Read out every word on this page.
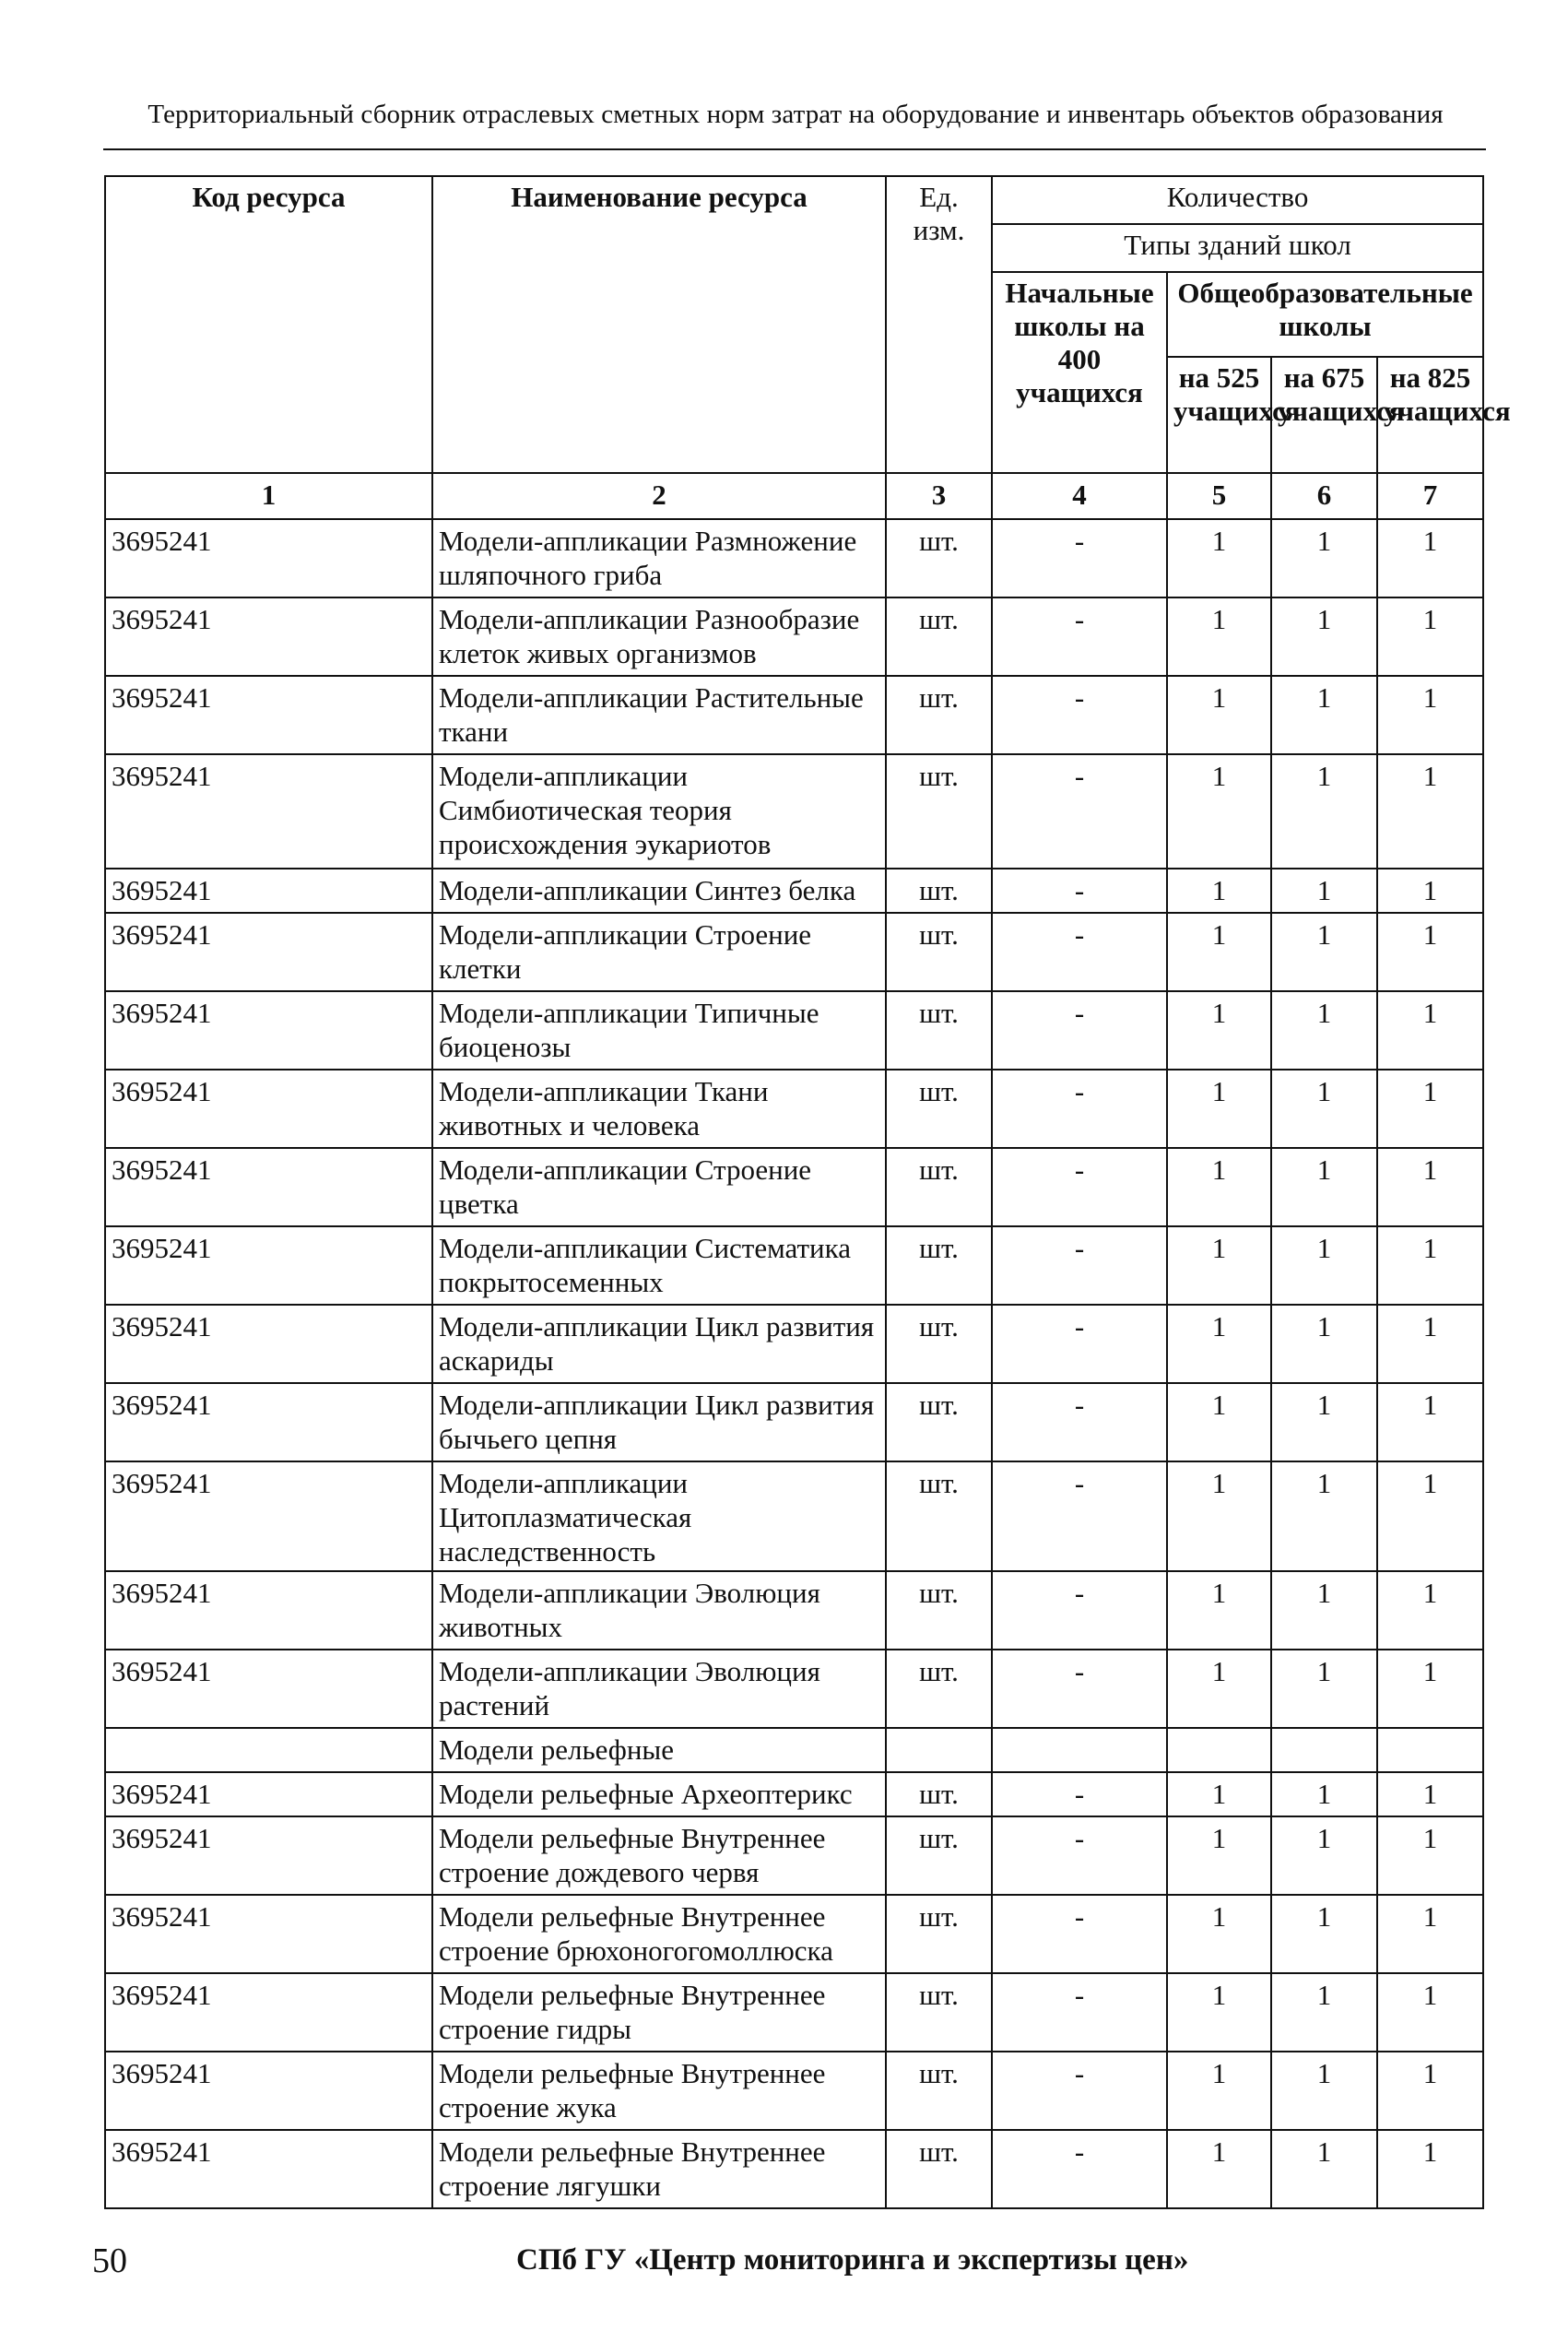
Территориальный сборник отраслевых сметных норм затрат на оборудование и инвентарь объектов образования
Код ресурса	Наименование ресурса	Ед. изм.	Количество			
			Типы зданий школ			
			Начальные школы на 400 учащихся	Общеобразовательные школы		
				на 525 учащихся	на 675 учащихся	на 825 учащихся
1	2	3	4	5	6	7
3695241	Модели-аппликации Размножение шляпочного гриба	шт.	-	1	1	1
3695241	Модели-аппликации Разнообразие клеток живых организмов	шт.	-	1	1	1
3695241	Модели-аппликации Растительные ткани	шт.	-	1	1	1
3695241	Модели-аппликации Симбиотическая теория происхождения эукариотов	шт.	-	1	1	1
3695241	Модели-аппликации Синтез белка	шт.	-	1	1	1
3695241	Модели-аппликации Строение клетки	шт.	-	1	1	1
3695241	Модели-аппликации Типичные биоценозы	шт.	-	1	1	1
3695241	Модели-аппликации Ткани животных и человека	шт.	-	1	1	1
3695241	Модели-аппликации Строение цветка	шт.	-	1	1	1
3695241	Модели-аппликации Систематика покрытосеменных	шт.	-	1	1	1
3695241	Модели-аппликации Цикл развития аскариды	шт.	-	1	1	1
3695241	Модели-аппликации Цикл развития бычьего цепня	шт.	-	1	1	1
3695241	Модели-аппликации Цитоплазматическая наследственность	шт.	-	1	1	1
3695241	Модели-аппликации Эволюция животных	шт.	-	1	1	1
3695241	Модели-аппликации Эволюция растений	шт.	-	1	1	1
	Модели рельефные					
3695241	Модели рельефные Археоптерикс	шт.	-	1	1	1
3695241	Модели рельефные Внутреннее строение дождевого червя	шт.	-	1	1	1
3695241	Модели рельефные Внутреннее строение брюхоногогомоллюска	шт.	-	1	1	1
3695241	Модели рельефные Внутреннее строение гидры	шт.	-	1	1	1
3695241	Модели рельефные Внутреннее строение жука	шт.	-	1	1	1
3695241	Модели рельефные Внутреннее строение лягушки	шт.	-	1	1	1
50	СПб ГУ «Центр мониторинга и экспертизы цен»
